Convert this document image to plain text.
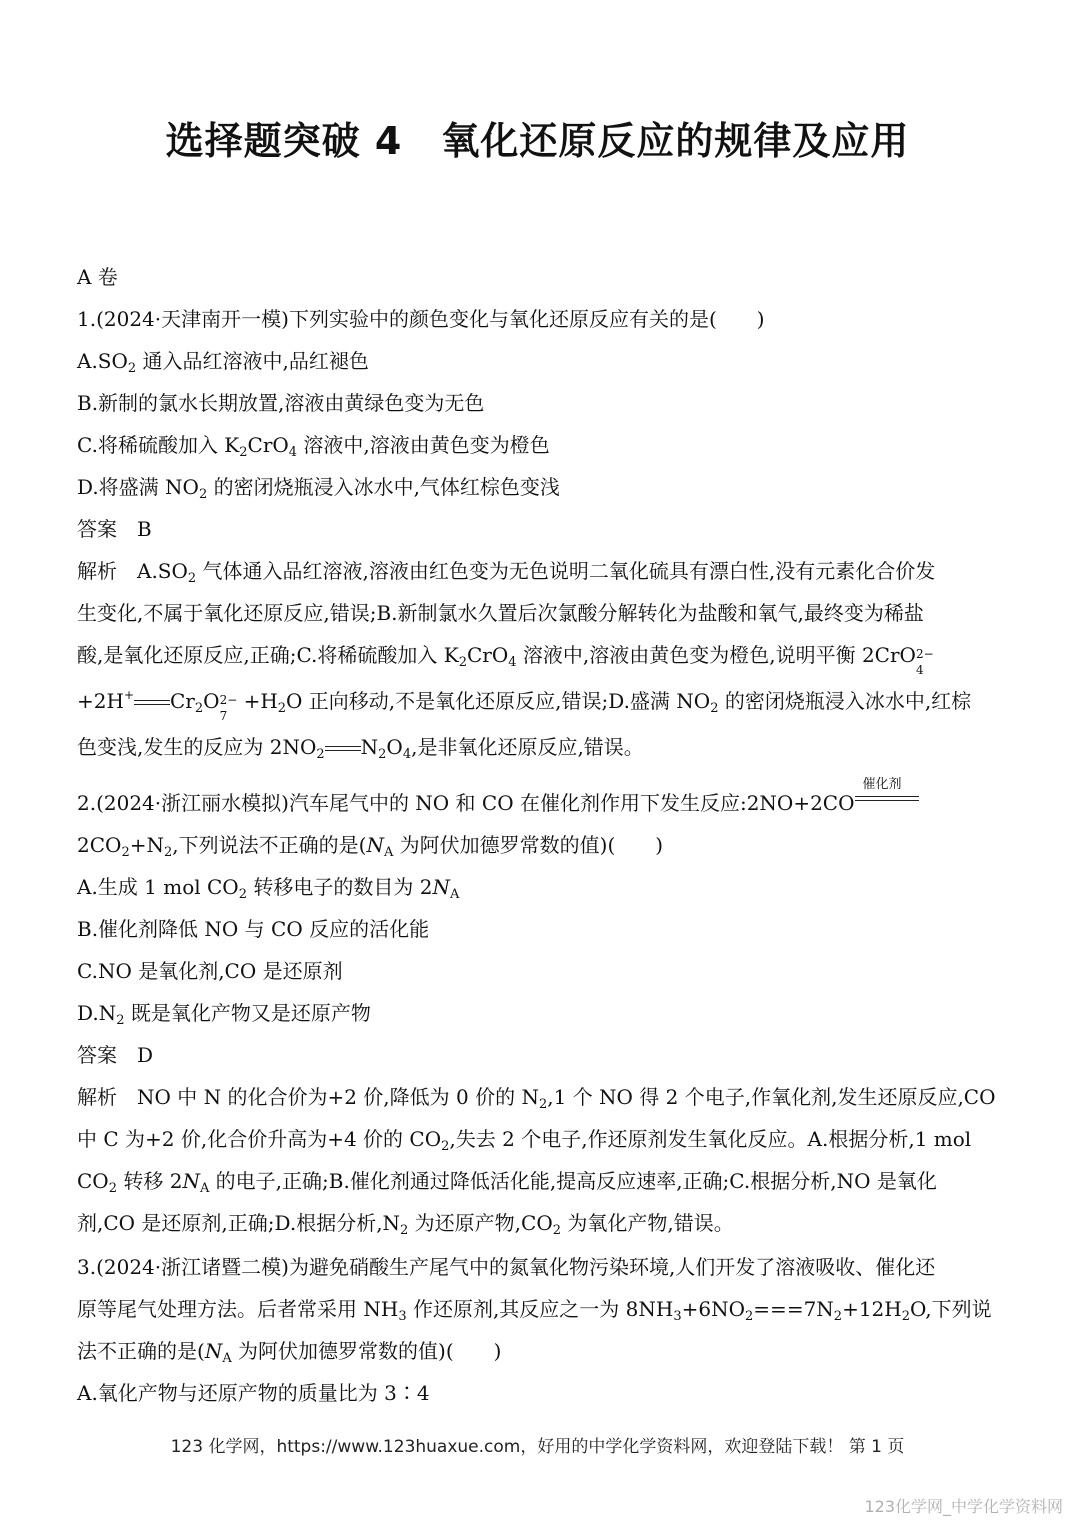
选择题突破 4　氧化还原反应的规律及应用
A 卷
1.(2024·天津南开一模)下列实验中的颜色变化与氧化还原反应有关的是(　　)
$A.SO_2$ 通入品红溶液中,品红褪色
B.新制的氯水长期放置,溶液由黄绿色变为无色
C.将稀硫酸加入 $K_2CrO_4$ 溶液中,溶液由黄色变为橙色
D.将盛满 $NO_2$ 的密闭烧瓶浸入冰水中,气体红棕色变浅
答案　B
解析　$A.SO_2$ 气体通入品红溶液,溶液由红色变为无色说明二氧化硫具有漂白性,没有元素化合价发
生变化,不属于氧化还原反应,错误;B.新制氯水久置后次氯酸分解转化为盐酸和氧气,最终变为稀盐
酸,是氧化还原反应,正确;C.将稀硫酸加入 $K_2CrO_4$ 溶液中,溶液由黄色变为橙色,说明平衡 2CrO 2−
4
+2H+ $Cr_2O$ 2−
7
$+H_2O$ 正向移动,不是氧化还原反应,错误;D.盛满 $NO_2$ 的密闭烧瓶浸入冰水中,红棕
色变浅,发生的反应为 $2NO_2$ $N_2O_4$,是非氧化还原反应,错误。
2.(2024·浙江丽水模拟)汽车尾气中的 NO 和 CO 在催化剂作用下发生反应:2NO+2CO
催化剂
$2CO_2+N_2$,下列说法不正确的是($N_A$ 为阿伏加德罗常数的值)(　　)
A.生成 1 mol $CO_2$ 转移电子的数目为 $2N_A$
B.催化剂降低 NO 与 CO 反应的活化能
C.NO 是氧化剂,CO 是还原剂
$D.N_2$ 既是氧化产物又是还原产物
答案　D
解析　NO 中 N 的化合价为+2 价,降低为 0 价的 $N_2,1$ 个 NO 得 2 个电子,作氧化剂,发生还原反应,CO
中 C 为+2 价,化合价升高为+4 价的 $CO_2$,失去 2 个电子,作还原剂发生氧化反应。A.根据分析,1 mol
$CO_2$ 转移 $2N_A$ 的电子,正确;B.催化剂通过降低活化能,提高反应速率,正确;C.根据分析,NO 是氧化
剂,CO 是还原剂,正确;D.根据分析$,N_2$ 为还原产物$,CO_2$ 为氧化产物,错误。
3.(2024·浙江诸暨二模)为避免硝酸生产尾气中的氮氧化物污染环境,人们开发了溶液吸收、催化还
原等尾气处理方法。后者常采用 $NH_3$ 作还原剂,其反应之一为 $8NH_3+6NO_2===7N_2+12H_2O$,下列说
法不正确的是($N_A$ 为阿伏加德罗常数的值)(　　)
A.氧化产物与还原产物的质量比为 3∶4
123 化学网，https://www.123huaxue.com，好用的中学化学资料网，欢迎登陆下载！ 第 1 页
123化学网_中学化学资料网
